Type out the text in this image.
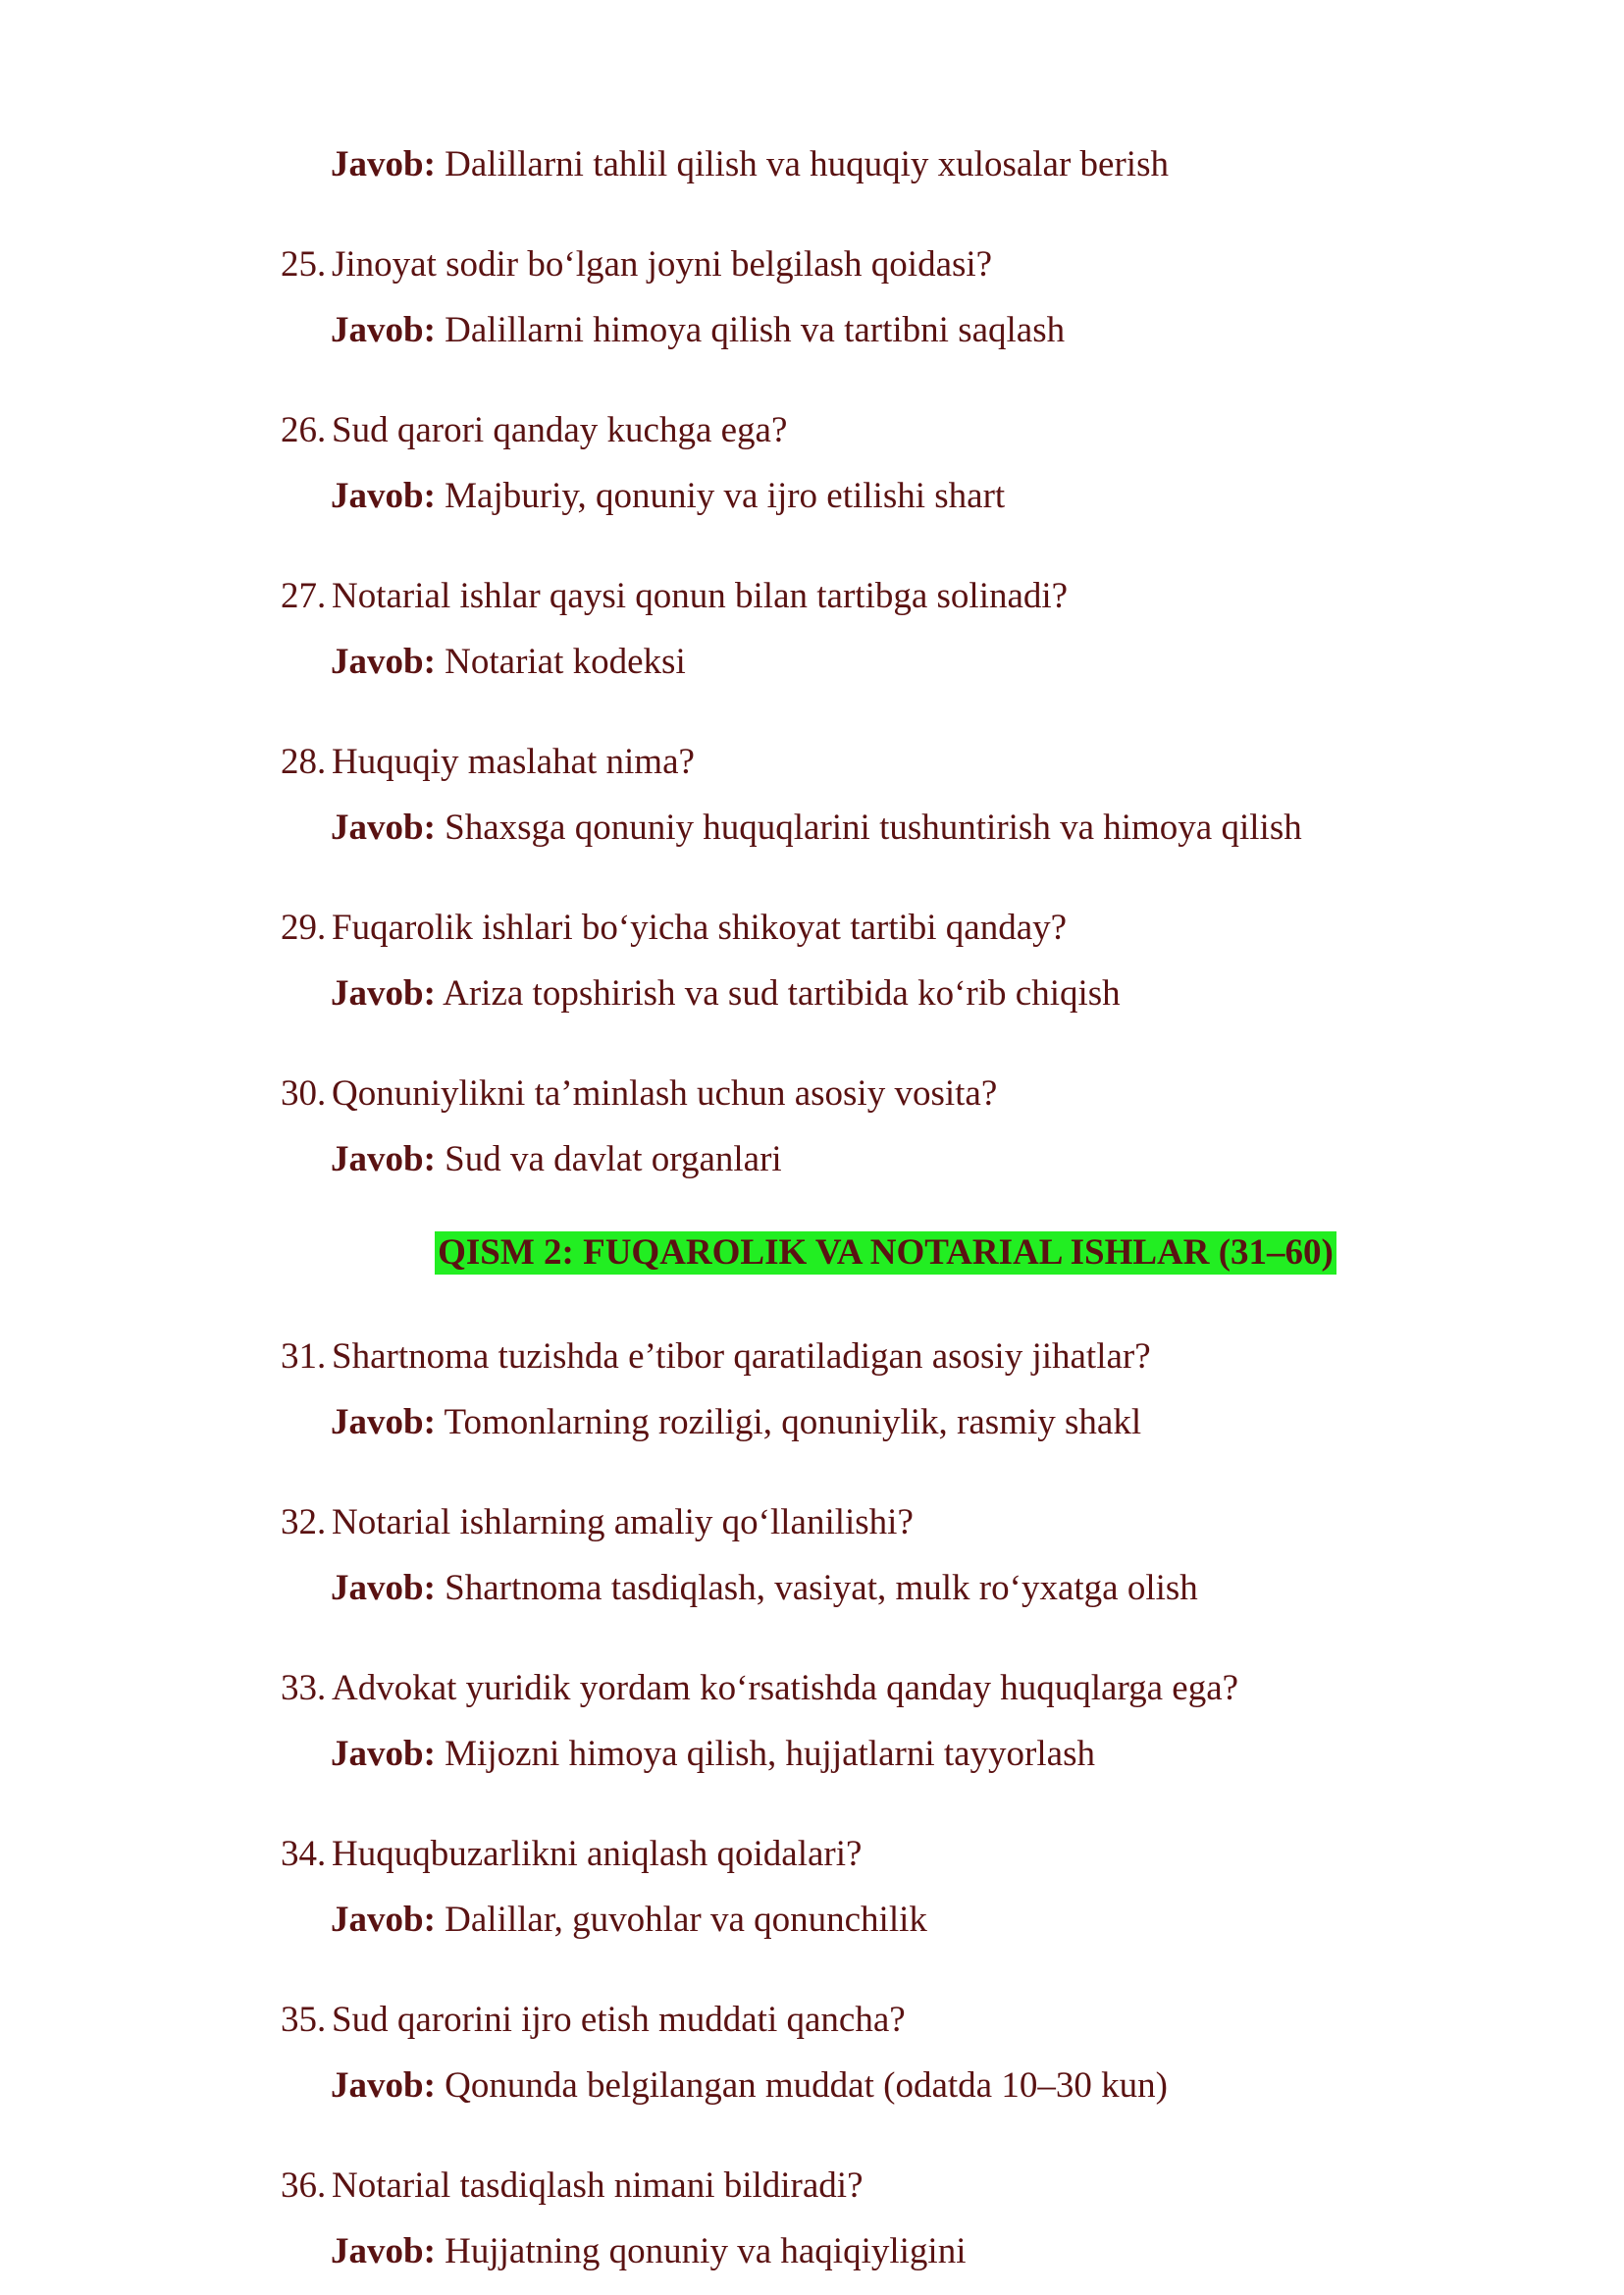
Javob: Dalillarni tahlil qilish va huquqiy xulosalar berish
25. Jinoyat sodir bo‘lgan joyni belgilash qoidasi?
Javob: Dalillarni himoya qilish va tartibni saqlash
26. Sud qarori qanday kuchga ega?
Javob: Majburiy, qonuniy va ijro etilishi shart
27. Notarial ishlar qaysi qonun bilan tartibga solinadi?
Javob: Notariat kodeksi
28. Huquqiy maslahat nima?
Javob: Shaxsga qonuniy huquqlarini tushuntirish va himoya qilish
29. Fuqarolik ishlari bo‘yicha shikoyat tartibi qanday?
Javob: Ariza topshirish va sud tartibida ko‘rib chiqish
30. Qonuniylikni ta’minlash uchun asosiy vosita?
Javob: Sud va davlat organlari
QISM 2: FUQAROLIK VA NOTARIAL ISHLAR (31–60)
31. Shartnoma tuzishda e’tibor qaratiladigan asosiy jihatlar?
Javob: Tomonlarning roziligi, qonuniylik, rasmiy shakl
32. Notarial ishlarning amaliy qo‘llanilishi?
Javob: Shartnoma tasdiqlash, vasiyat, mulk ro‘yxatga olish
33. Advokat yuridik yordam ko‘rsatishda qanday huquqlarga ega?
Javob: Mijozni himoya qilish, hujjatlarni tayyorlash
34. Huquqbuzarlikni aniqlash qoidalari?
Javob: Dalillar, guvohlar va qonunchilik
35. Sud qarorini ijro etish muddati qancha?
Javob: Qonunda belgilangan muddat (odatda 10–30 kun)
36. Notarial tasdiqlash nimani bildiradi?
Javob: Hujjatning qonuniy va haqiqiyligini
